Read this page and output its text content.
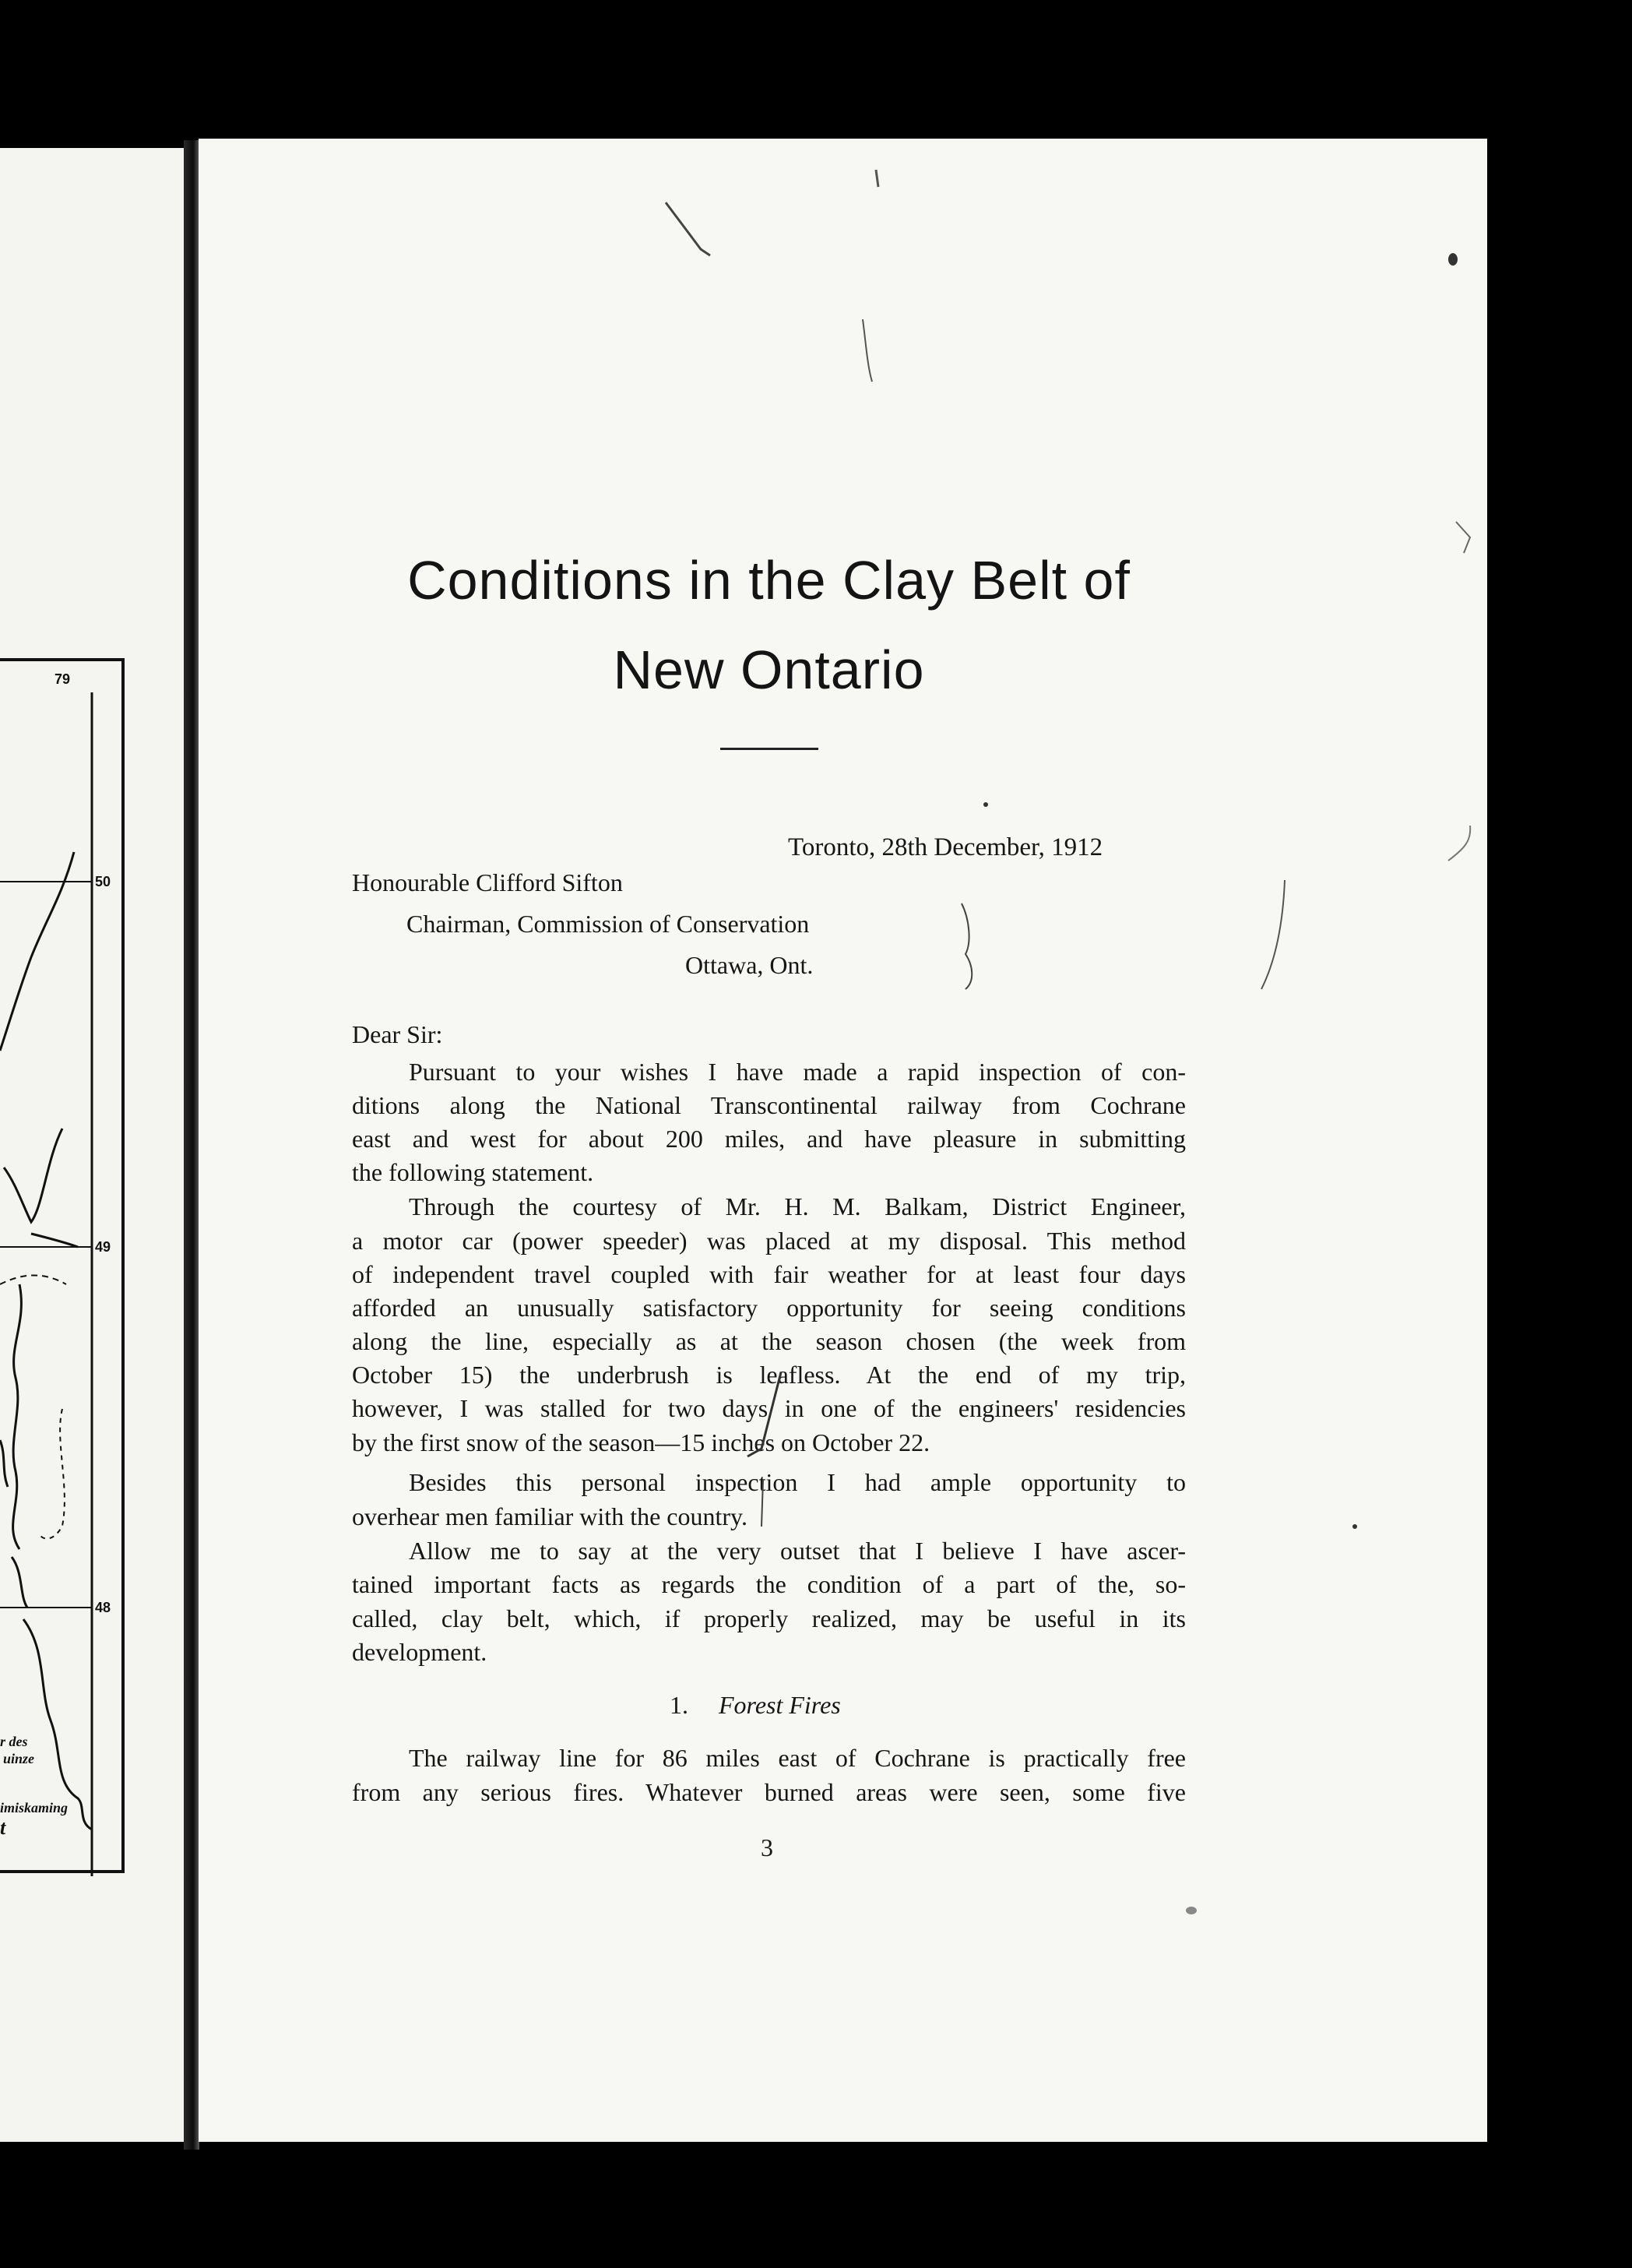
79
50
49
48
r des
uinze
imiskaming
t
Conditions in the Clay Belt of
New Ontario
Toronto, 28th December, 1912
Honourable Clifford Sifton
Chairman, Commission of Conservation
Ottawa, Ont.
Dear Sir:
Pursuant to your wishes I have made a rapid inspection of con-
ditions along the National Transcontinental railway from Cochrane
east and west for about 200 miles, and have pleasure in submitting
the following statement.
Through the courtesy of Mr. H. M. Balkam, District Engineer,
a motor car (power speeder) was placed at my disposal. This method
of independent travel coupled with fair weather for at least four days
afforded an unusually satisfactory opportunity for seeing conditions
along the line, especially as at the season chosen (the week from
October 15) the underbrush is leafless. At the end of my trip,
however, I was stalled for two days in one of the engineers' residencies
by the first snow of the season—15 inches on October 22.
Besides this personal inspection I had ample opportunity to
overhear men familiar with the country.
Allow me to say at the very outset that I believe I have ascer-
tained important facts as regards the condition of a part of the, so-
called, clay belt, which, if properly realized, may be useful in its
development.
1. Forest Fires
The railway line for 86 miles east of Cochrane is practically free
from any serious fires. Whatever burned areas were seen, some five
3
